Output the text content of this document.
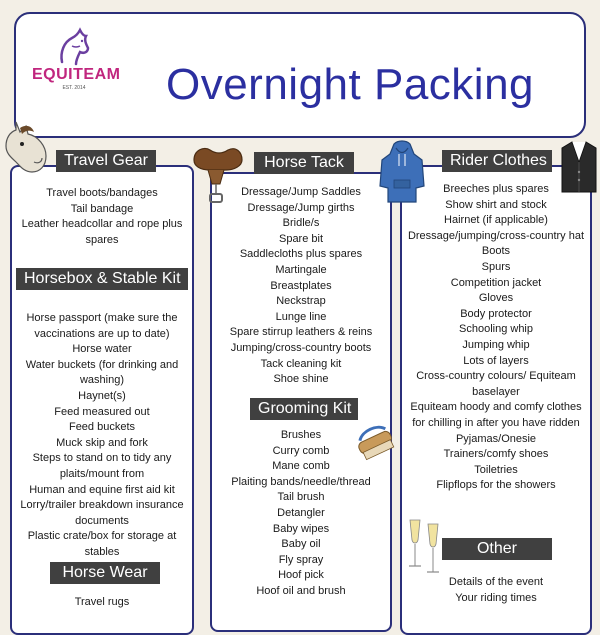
EQUITEAM
EST. 2014	Overnight Packing
Travel Gear
Travel boots/bandages
Tail bandage
Leather headcollar and rope plus spares
Horsebox & Stable Kit
Horse passport (make sure the vaccinations are up to date)
Horse water
Water buckets (for drinking and washing)
Haynet(s)
Feed measured out
Feed buckets
Muck skip and fork
Steps to stand on to tidy any plaits/mount from
Human and equine first aid kit
Lorry/trailer breakdown insurance documents
Plastic crate/box for storage at stables
Horse Wear
Travel rugs
Horse Tack
Dressage/Jump Saddles
Dressage/Jump girths
Bridle/s
Spare bit
Saddlecloths plus spares
Martingale
Breastplates
Neckstrap
Lunge line
Spare stirrup leathers & reins
Jumping/cross-country boots
Tack cleaning kit
Shoe shine
Grooming Kit
Brushes
Curry comb
Mane comb
Plaiting bands/needle/thread
Tail brush
Detangler
Baby wipes
Baby oil
Fly spray
Hoof pick
Hoof oil and brush
Rider Clothes
Breeches plus spares
Show shirt and stock
Hairnet (if applicable)
Dressage/jumping/cross-country hat
Boots
Spurs
Competition jacket
Gloves
Body protector
Schooling whip
Jumping whip
Lots of layers
Cross-country colours/ Equiteam baselayer
Equiteam hoody and comfy clothes for chilling in after you have ridden
Pyjamas/Onesie
Trainers/comfy shoes
Toiletries
Flipflops for the showers
Other
Details of the event
Your riding times
